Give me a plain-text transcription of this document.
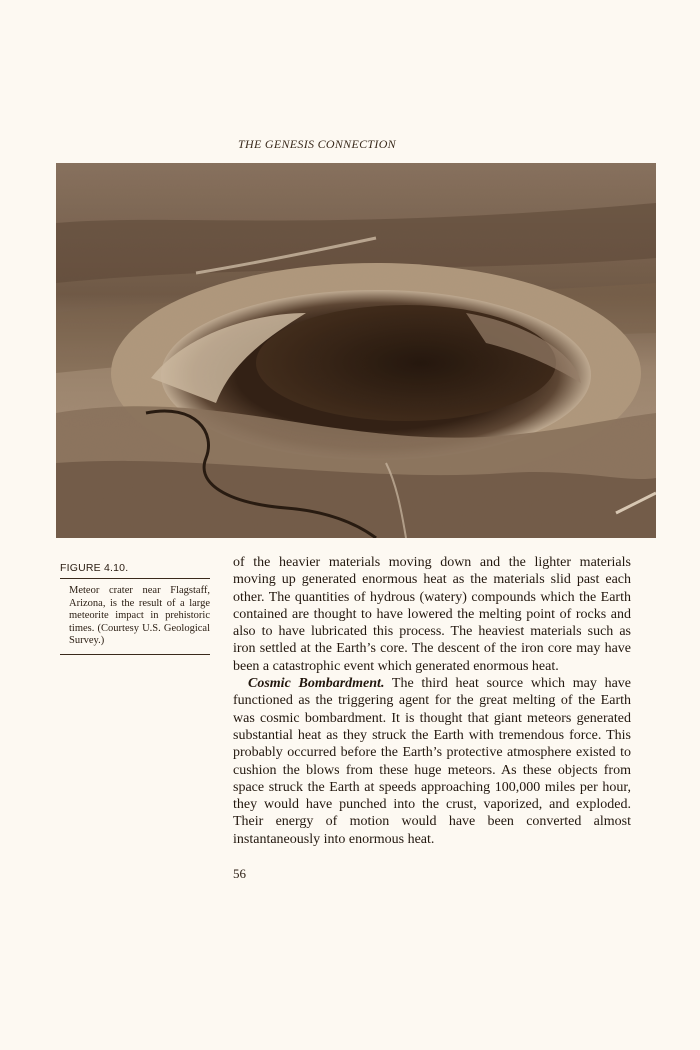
THE GENESIS CONNECTION
FIGURE 4.10.
Meteor crater near Flagstaff, Arizona, is the result of a large meteorite impact in prehistoric times. (Courtesy U.S. Geological Survey.)

of the heavier materials moving down and the lighter materials moving up generated enormous heat as the materials slid past each other. The quantities of hydrous (watery) compounds which the Earth contained are thought to have lowered the melting point of rocks and also to have lubricated this process. The heaviest materials such as iron settled at the Earth’s core. The descent of the iron core may have been a catastrophic event which generated enormous heat.

Cosmic Bombardment. The third heat source which may have functioned as the triggering agent for the great melting of the Earth was cosmic bombardment. It is thought that giant meteors generated substantial heat as they struck the Earth with tremendous force. This probably occurred before the Earth’s protective atmosphere existed to cushion the blows from these huge meteors. As these objects from space struck the Earth at speeds approaching 100,000 miles per hour, they would have punched into the crust, vaporized, and exploded. Their energy of motion would have been converted almost instantaneously into enormous heat.

56
